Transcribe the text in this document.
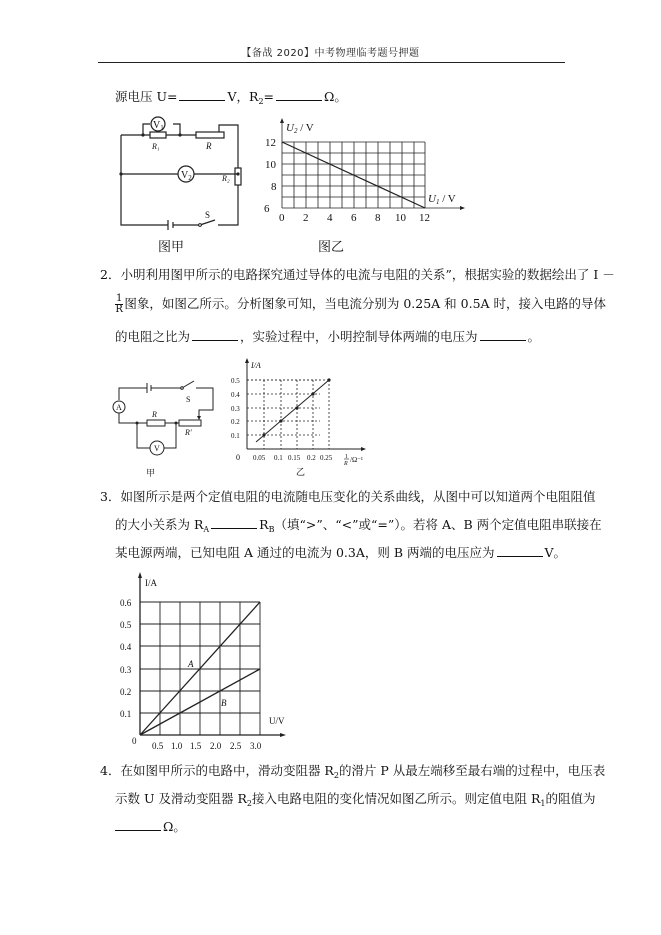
【备战 2020】中考物理临考题号押题
源电压 U=	V，$R_2=$	Ω。
$V_1$
$V_2$
R₁	R
R₂
S
图甲
U2 / V
U1 / V
12
10
8
6
0 2 4 6 8 10 12
图乙
2．小明利用图甲所示的电路探究通过导体的电流与电阻的关系”，根据实验的数据绘出了 I －
$\frac{1}{R}$ 图象，如图乙所示。分析图象可知，当电流分别为 0.25A 和 0.5A 时，接入电路的导体
的电阻之比为	，实验过程中，小明控制导体两端的电压为	。
A
V
R
R'
S
甲
I/A
0.5
0.4
0.3
0.2
0.1
0 0.05 0.1 0.15 0.2 0.25 1
R /Ω⁻¹
乙
3．如图所示是两个定值电阻的电流随电压变化的关系曲线，从图中可以知道两个电阻阻值
的大小关系为 $R_A$	$R_B$（填“>”、“<”或“=”）。若将 A、B 两个定值电阻串联接在
某电源两端，已知电阻 A 通过的电流为 0.3A，则 B 两端的电压应为	V。
I/A
0.6
0.5
0.4
0.3
0.2
0.1
0 0.5 1.0 1.5 2.0 2.5 3.0
U/V
A
B
4．在如图甲所示的电路中，滑动变阻器 $R_2$的滑片 P 从最左端移至最右端的过程中，电压表
示数 U 及滑动变阻器 $R_2$接入电路电阻的变化情况如图乙所示。则定值电阻 $R_1$的阻值为
Ω。
